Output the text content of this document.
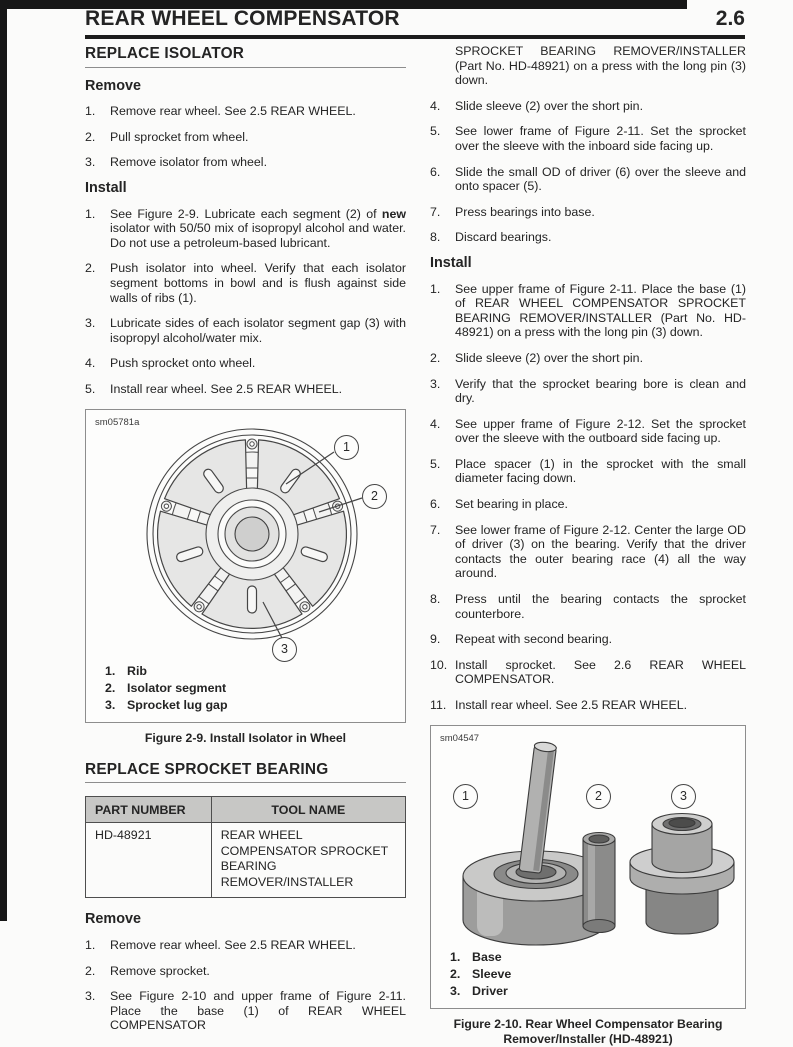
REAR WHEEL COMPENSATOR	2.6
REPLACE ISOLATOR
Remove
1.	Remove rear wheel. See 2.5 REAR WHEEL.
2.	Pull sprocket from wheel.
3.	Remove isolator from wheel.
Install
1.	See Figure 2-9. Lubricate each segment (2) of new isolator with 50/50 mix of isopropyl alcohol and water. Do not use a petroleum-based lubricant.
2.	Push isolator into wheel. Verify that each isolator segment bottoms in bowl and is flush against side walls of ribs (1).
3.	Lubricate sides of each isolator segment gap (3) with isopropyl alcohol/water mix.
4.	Push sprocket onto wheel.
5.	Install rear wheel. See 2.5 REAR WHEEL.
sm05781a
1
2
3
1. Rib
2. Isolator segment
3. Sprocket lug gap
Figure 2-9. Install Isolator in Wheel
REPLACE SPROCKET BEARING
PART NUMBER	TOOL NAME
HD-48921	REAR WHEEL COMPENSATOR SPROCKET BEARING REMOVER/INSTALLER
Remove
1.	Remove rear wheel. See 2.5 REAR WHEEL.
2.	Remove sprocket.
3.	See Figure 2-10 and upper frame of Figure 2-11. Place the base (1) of REAR WHEEL COMPENSATOR
SPROCKET BEARING REMOVER/INSTALLER (Part No. HD-48921) on a press with the long pin (3) down.
4.	Slide sleeve (2) over the short pin.
5.	See lower frame of Figure 2-11. Set the sprocket over the sleeve with the inboard side facing up.
6.	Slide the small OD of driver (6) over the sleeve and onto spacer (5).
7.	Press bearings into base.
8.	Discard bearings.
Install
1.	See upper frame of Figure 2-11. Place the base (1) of REAR WHEEL COMPENSATOR SPROCKET BEARING REMOVER/INSTALLER (Part No. HD-48921) on a press with the long pin (3) down.
2.	Slide sleeve (2) over the short pin.
3.	Verify that the sprocket bearing bore is clean and dry.
4.	See upper frame of Figure 2-12. Set the sprocket over the sleeve with the outboard side facing up.
5.	Place spacer (1) in the sprocket with the small diameter facing down.
6.	Set bearing in place.
7.	See lower frame of Figure 2-12. Center the large OD of driver (3) on the bearing. Verify that the driver contacts the outer bearing race (4) all the way around.
8.	Press until the bearing contacts the sprocket counterbore.
9.	Repeat with second bearing.
10. Install sprocket. See 2.6 REAR WHEEL COMPENSATOR.
11. Install rear wheel. See 2.5 REAR WHEEL.
sm04547
1	2	3
1. Base
2. Sleeve
3. Driver
Figure 2-10. Rear Wheel Compensator Bearing
Remover/Installer (HD-48921)
